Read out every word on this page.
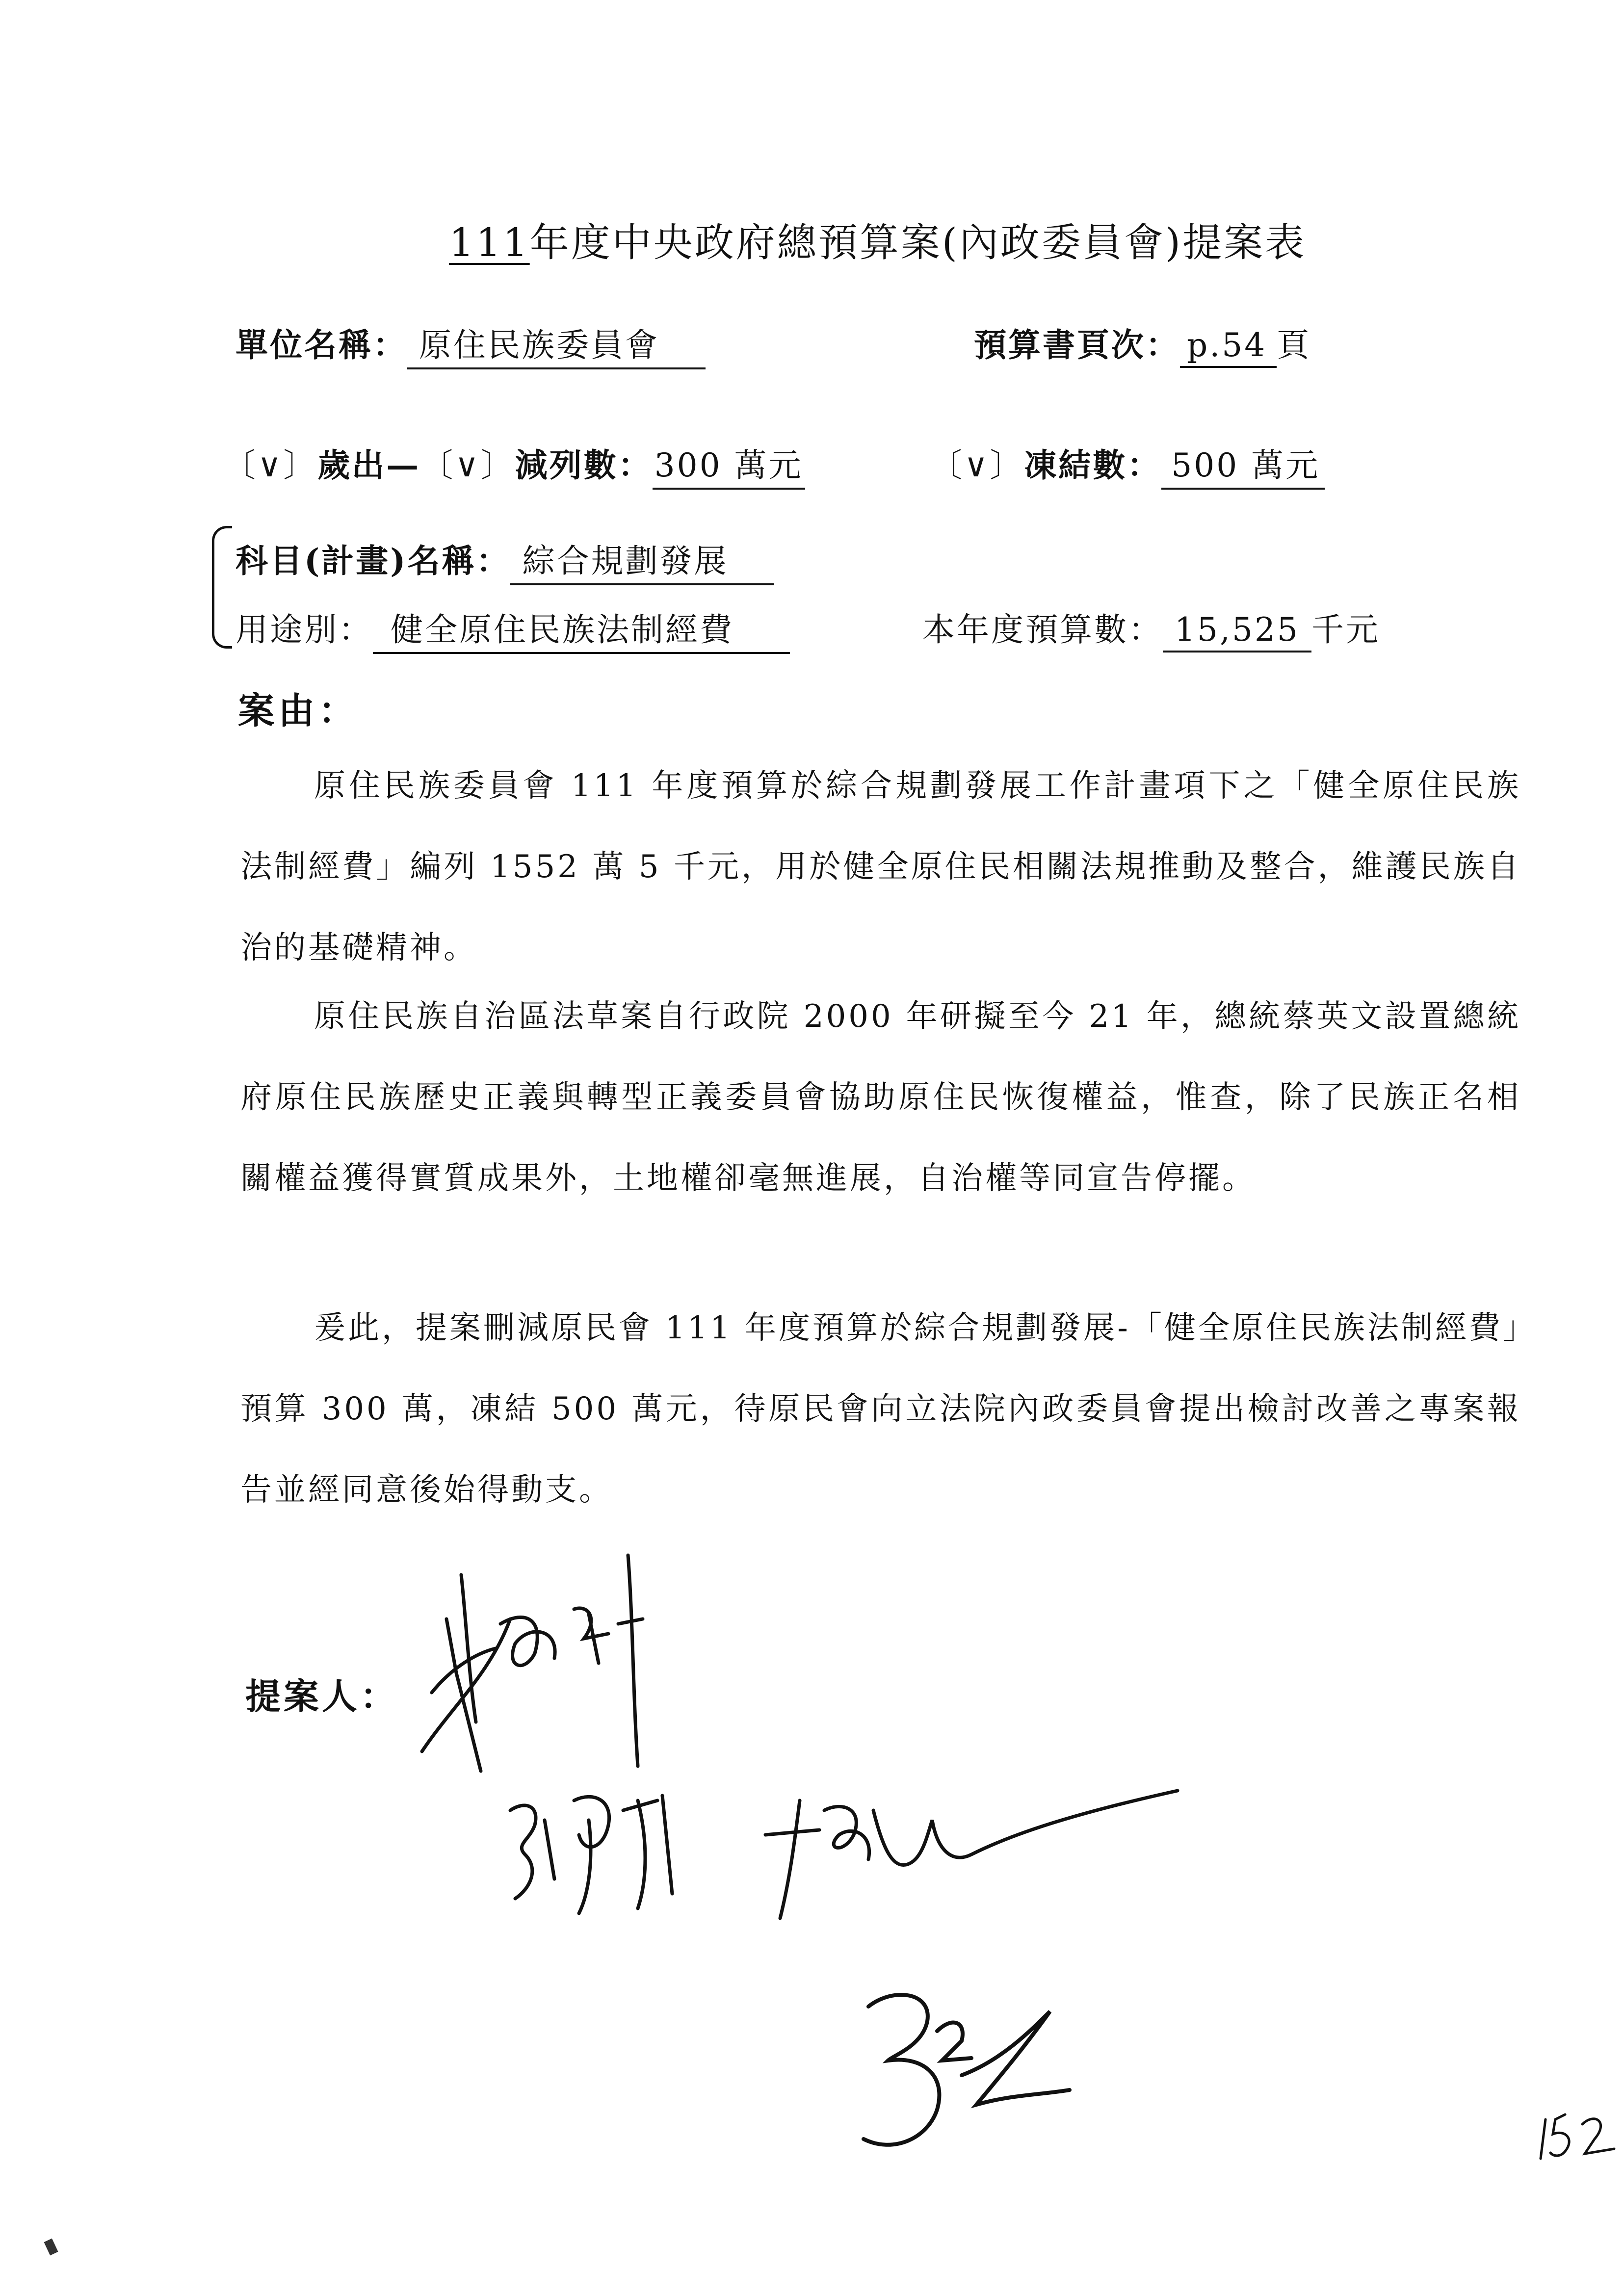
111年度中央政府總預算案(內政委員會)提案表
單位名稱： 原住民族委員會	預算書頁次： p.54 頁
〔∨〕歲出—〔∨〕減列數：300 萬元	〔∨〕凍結數： 500 萬元
科目(計畫)名稱： 綜合規劃發展
用途別： 健全原住民族法制經費	本年度預算數： 15,525 千元
案由：
原住民族委員會 111 年度預算於綜合規劃發展工作計畫項下之「健全原住民族法制經費」編列 1552 萬 5 千元，用於健全原住民相關法規推動及整合，維護民族自治的基礎精神。
原住民族自治區法草案自行政院 2000 年研擬至今 21 年，總統蔡英文設置總統府原住民族歷史正義與轉型正義委員會協助原住民恢復權益，惟查，除了民族正名相關權益獲得實質成果外，土地權卻毫無進展，自治權等同宣告停擺。
爰此，提案刪減原民會 111 年度預算於綜合規劃發展-「健全原住民族法制經費」預算 300 萬，凍結 500 萬元，待原民會向立法院內政委員會提出檢討改善之專案報告並經同意後始得動支。
提案人：
